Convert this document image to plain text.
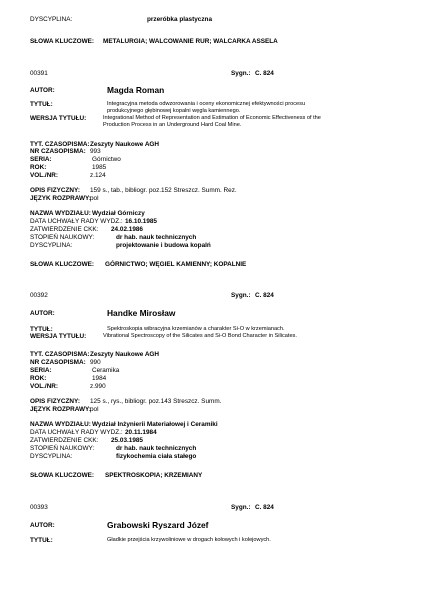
DYSCYPLINA:	przeróbka plastyczna
SŁOWA KLUCZOWE: METALURGIA; WALCOWANIE RUR; WALCARKA ASSELA
00391	Sygn.: C. 824
AUTOR:	Magda Roman
TYTUŁ:	Integracyjna metoda odwzorowania i oceny ekonomicznej efektywności procesu
produkcyjnego głębinowej kopalni węgla kamiennego.
WERSJA TYTUŁU:	Integrational Method of Representation and Estimation of Economic Effectiveness of the
Production Process in an Underground Hard Coal Mine.
TYT. CZASOPISMA: Zeszyty Naukowe AGH
NR CZASOPISMA: 993
SERIA:	Górnictwo
ROK:	1985
VOL./NR:	z.124
OPIS FIZYCZNY: 159 s., tab., bibliogr. poz.152 Streszcz. Summ. Rez.
JĘZYK ROZPRAWY: pol
NAZWA WYDZIAŁU: Wydział Górniczy
DATA UCHWAŁY RADY WYDZ.: 16.10.1985
ZATWIERDZENIE CKK: 24.02.1986
STOPIEŃ NAUKOWY:	dr hab. nauk technicznych
DYSCYPLINA:	projektowanie i budowa kopalń
SŁOWA KLUCZOWE: GÓRNICTWO; WĘGIEL KAMIENNY; KOPALNIE
00392	Sygn.: C. 824
AUTOR:	Handke Mirosław
TYTUŁ:	Spektroskopia wibracyjna krzemianów a charakter Si-O w krzemianach.
WERSJA TYTUŁU:	Vibrational Spectroscopy of the Silicates and Si-O Bond Character in Silicates.
TYT. CZASOPISMA: Zeszyty Naukowe AGH
NR CZASOPISMA: 990
SERIA:	Ceramika
ROK:	1984
VOL./NR:	z.990
OPIS FIZYCZNY: 125 s., rys., bibliogr. poz.143 Streszcz. Summ.
JĘZYK ROZPRAWY: pol
NAZWA WYDZIAŁU: Wydział Inżynierii Materiałowej i Ceramiki
DATA UCHWAŁY RADY WYDZ.: 20.11.1984
ZATWIERDZENIE CKK: 25.03.1985
STOPIEŃ NAUKOWY:	dr hab. nauk technicznych
DYSCYPLINA:	fizykochemia ciała stałego
SŁOWA KLUCZOWE: SPEKTROSKOPIA; KRZEMIANY
00393	Sygn.: C. 824
AUTOR:	Grabowski Ryszard Józef
TYTUŁ:	Gładkie przejścia krzywoliniowe w drogach kołowych i kolejowych.
